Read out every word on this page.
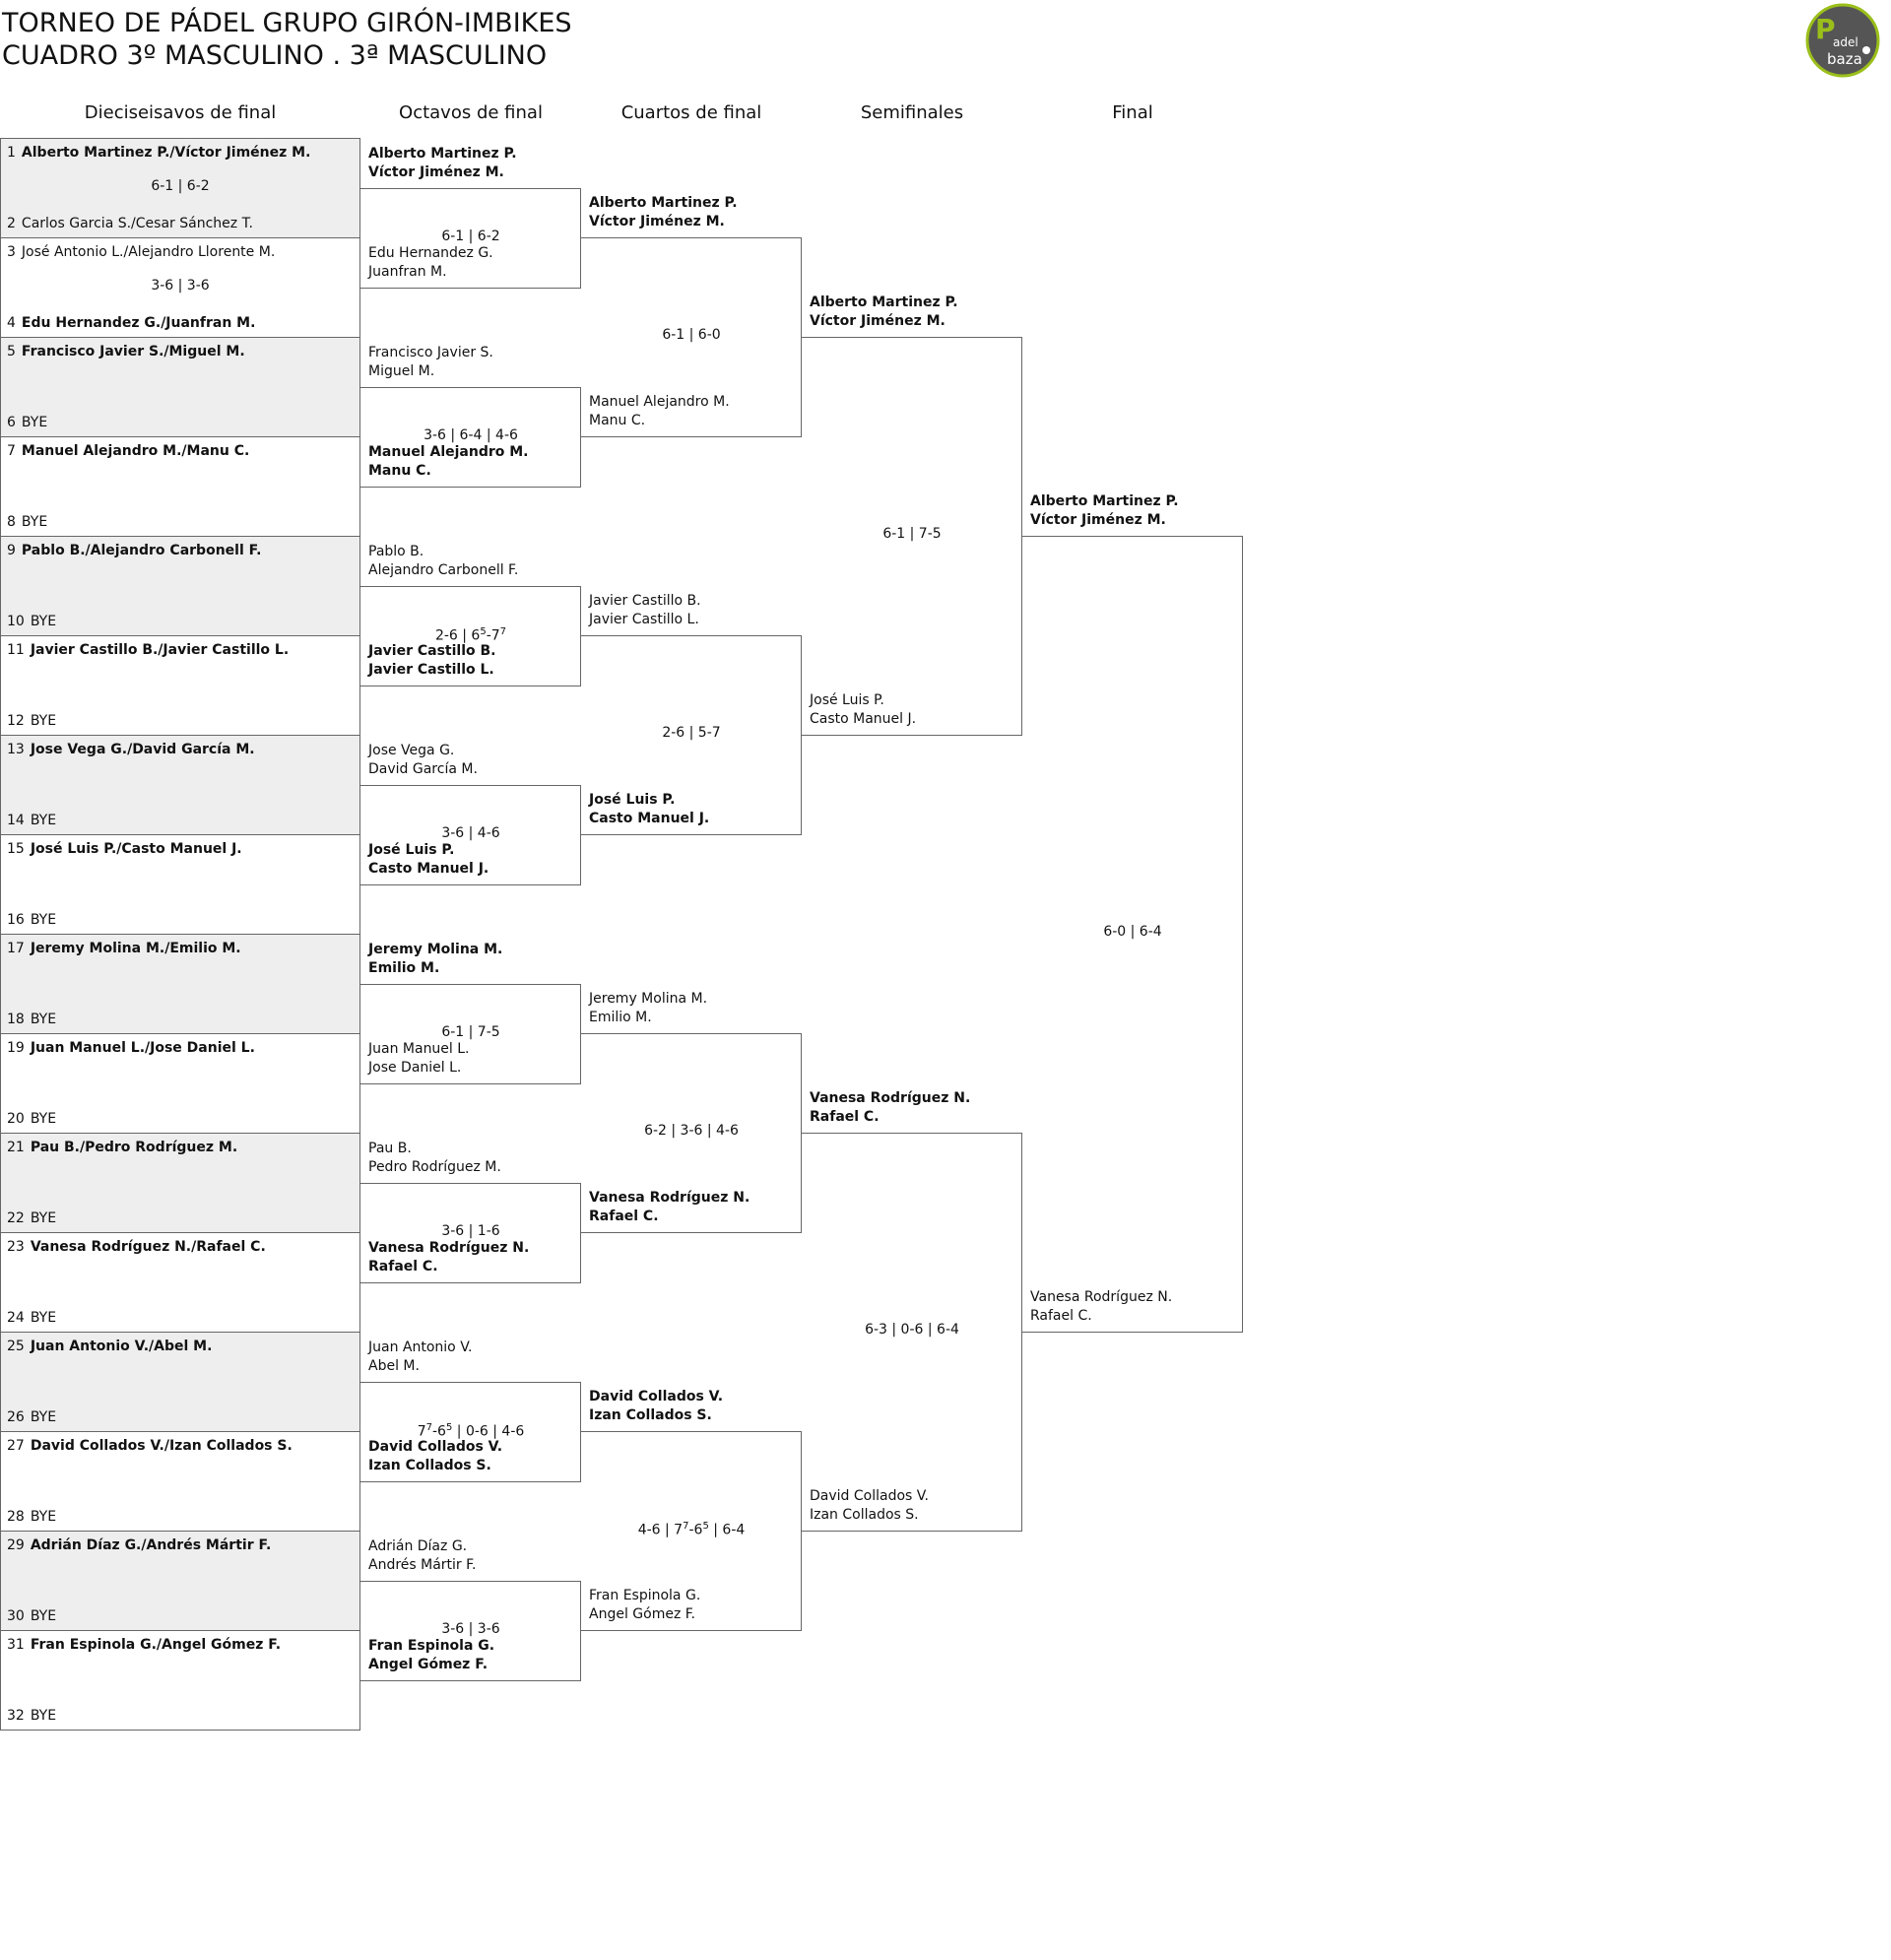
TORNEO DE PÁDEL GRUPO GIRÓN-IMBIKES
CUADRO 3º MASCULINO . 3ª MASCULINO
P
adel
baza
Dieciseisavos de final	Octavos de final	Cuartos de final	Semifinales	Final
1 Alberto Martinez P./Víctor Jiménez M.
2 Carlos Garcia S./Cesar Sánchez T.
6-1 | 6-2
3 José Antonio L./Alejandro Llorente M.
4 Edu Hernandez G./Juanfran M.
3-6 | 3-6
5 Francisco Javier S./Miguel M.
6 BYE
7 Manuel Alejandro M./Manu C.
8 BYE
9 Pablo B./Alejandro Carbonell F.
10 BYE
11 Javier Castillo B./Javier Castillo L.
12 BYE
13 Jose Vega G./David García M.
14 BYE
15 José Luis P./Casto Manuel J.
16 BYE
17 Jeremy Molina M./Emilio M.
18 BYE
19 Juan Manuel L./Jose Daniel L.
20 BYE
21 Pau B./Pedro Rodríguez M.
22 BYE
23 Vanesa Rodríguez N./Rafael C.
24 BYE
25 Juan Antonio V./Abel M.
26 BYE
27 David Collados V./Izan Collados S.
28 BYE
29 Adrián Díaz G./Andrés Mártir F.
30 BYE
31 Fran Espinola G./Angel Gómez F.
32 BYE
Alberto Martinez P.
Víctor Jiménez M.
Edu Hernandez G.
Juanfran M.
6-1 | 6-2
Francisco Javier S.
Miguel M.
Manuel Alejandro M.
Manu C.
3-6 | 6-4 | 4-6
Pablo B.
Alejandro Carbonell F.
Javier Castillo B.
Javier Castillo L.
2-6 | $6^5-7^7$
Jose Vega G.
David García M.
José Luis P.
Casto Manuel J.
3-6 | 4-6
Jeremy Molina M.
Emilio M.
Juan Manuel L.
Jose Daniel L.
6-1 | 7-5
Pau B.
Pedro Rodríguez M.
Vanesa Rodríguez N.
Rafael C.
3-6 | 1-6
Juan Antonio V.
Abel M.
David Collados V.
Izan Collados S.
$7^7-6^5$ | 0-6 | 4-6
Adrián Díaz G.
Andrés Mártir F.
Fran Espinola G.
Angel Gómez F.
3-6 | 3-6
Alberto Martinez P.
Víctor Jiménez M.
Manuel Alejandro M.
Manu C.
6-1 | 6-0
Javier Castillo B.
Javier Castillo L.
José Luis P.
Casto Manuel J.
2-6 | 5-7
Jeremy Molina M.
Emilio M.
Vanesa Rodríguez N.
Rafael C.
6-2 | 3-6 | 4-6
David Collados V.
Izan Collados S.
Fran Espinola G.
Angel Gómez F.
4-6 | $7^7-6^5$ | 6-4
Alberto Martinez P.
Víctor Jiménez M.
José Luis P.
Casto Manuel J.
6-1 | 7-5
Vanesa Rodríguez N.
Rafael C.
David Collados V.
Izan Collados S.
6-3 | 0-6 | 6-4
Alberto Martinez P.
Víctor Jiménez M.
Vanesa Rodríguez N.
Rafael C.
6-0 | 6-4
